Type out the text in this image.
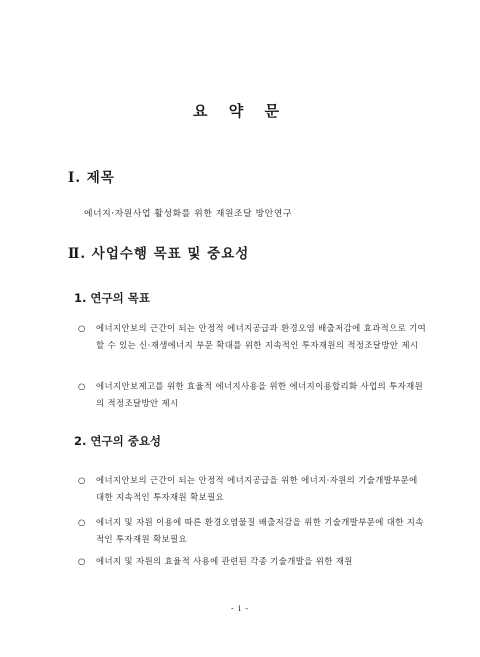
요 약 문
Ⅰ. 제목
에너지·자원사업 활성화를 위한 재원조달 방안연구
Ⅱ. 사업수행 목표 및 중요성
1. 연구의 목표
○ 에너지안보의 근간이 되는 안정적 에너지공급과 환경오염 배출저감에 효과적으로 기여할 수 있는 신·재생에너지 부문 확대를 위한 지속적인 투자재원의 적정조달방안 제시
○ 에너지안보제고를 위한 효율적 에너지사용을 위한 에너지이용합리화 사업의 투자재원의 적정조달방안 제시
2. 연구의 중요성
○ 에너지안보의 근간이 되는 안정적 에너지공급을 위한 에너지·자원의 기술개발부문에 대한 지속적인 투자재원 확보필요
○ 에너지 및 자원 이용에 따른 환경오염물질 배출저감을 위한 기술개발부문에 대한 지속적인 투자재원 확보필요
○ 에너지 및 자원의 효율적 사용에 관련된 각종 기술개발을 위한 재원
- i -
